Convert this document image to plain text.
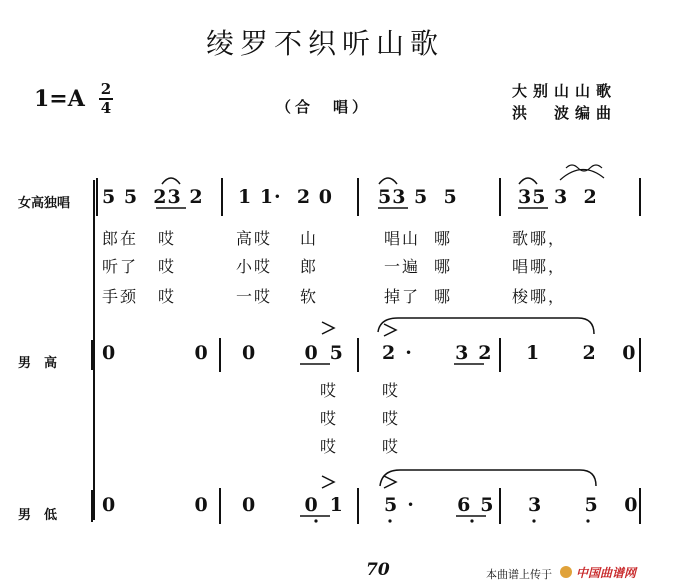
绫罗不织听山歌
1=A 2
4	（合　唱）
大别山山歌
洪　波编曲
女高独唱
男　高
男　低
5 5  23 2	1 1·  2 0	53 5  5	35 3  2
郎在 哎	高哎 山	唱山 哪	歌哪，
听了 哎	小哎 郎	一遍 哪	唱哪，
手颈 哎	一哎 软	掉了 哪	梭哪，
0  0 0  05 2·  32 1  2 0
哎	哎
哎	哎
哎	哎
0  0 0  01 5·  65 3  5 0
70	本曲谱上传于 中国曲谱网
